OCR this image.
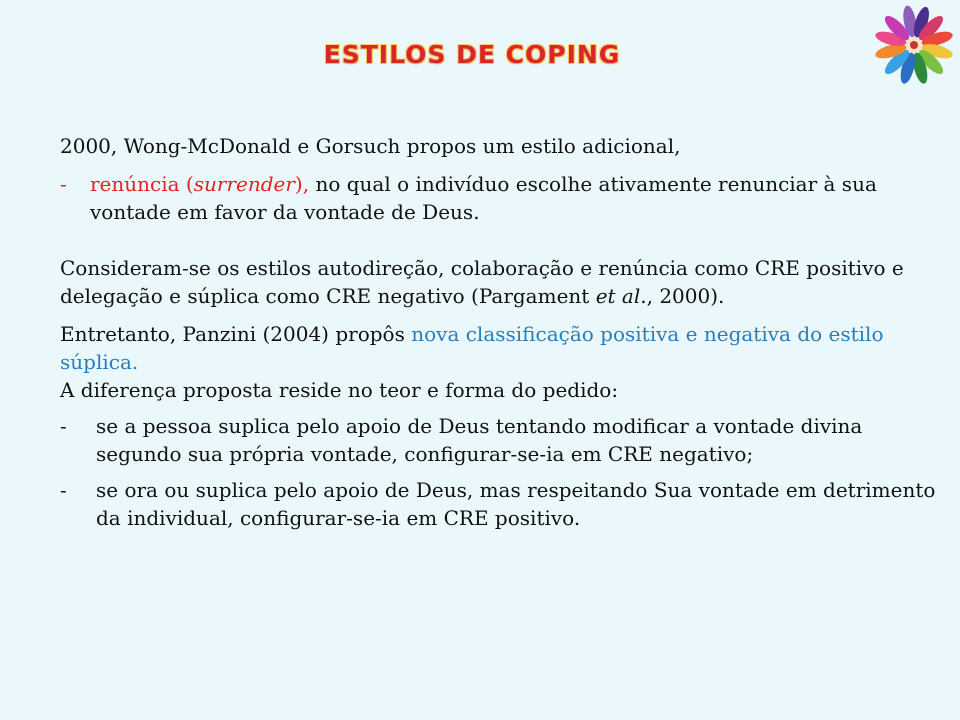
ESTILOS DE COPING

2000, Wong-McDonald e Gorsuch propos um estilo adicional,

- renúncia (surrender), no qual o indivíduo escolhe ativamente renunciar à sua vontade em favor da vontade de Deus.

Consideram-se os estilos autodireção, colaboração e renúncia como CRE positivo e delegação e súplica como CRE negativo (Pargament et al., 2000).

Entretanto, Panzini (2004) propôs nova classificação positiva e negativa do estilo súplica.

A diferença proposta reside no teor e forma do pedido:

- se a pessoa suplica pelo apoio de Deus tentando modificar a vontade divina segundo sua própria vontade, configurar-se-ia em CRE negativo;

- se ora ou suplica pelo apoio de Deus, mas respeitando Sua vontade em detrimento da individual, configurar-se-ia em CRE positivo.
